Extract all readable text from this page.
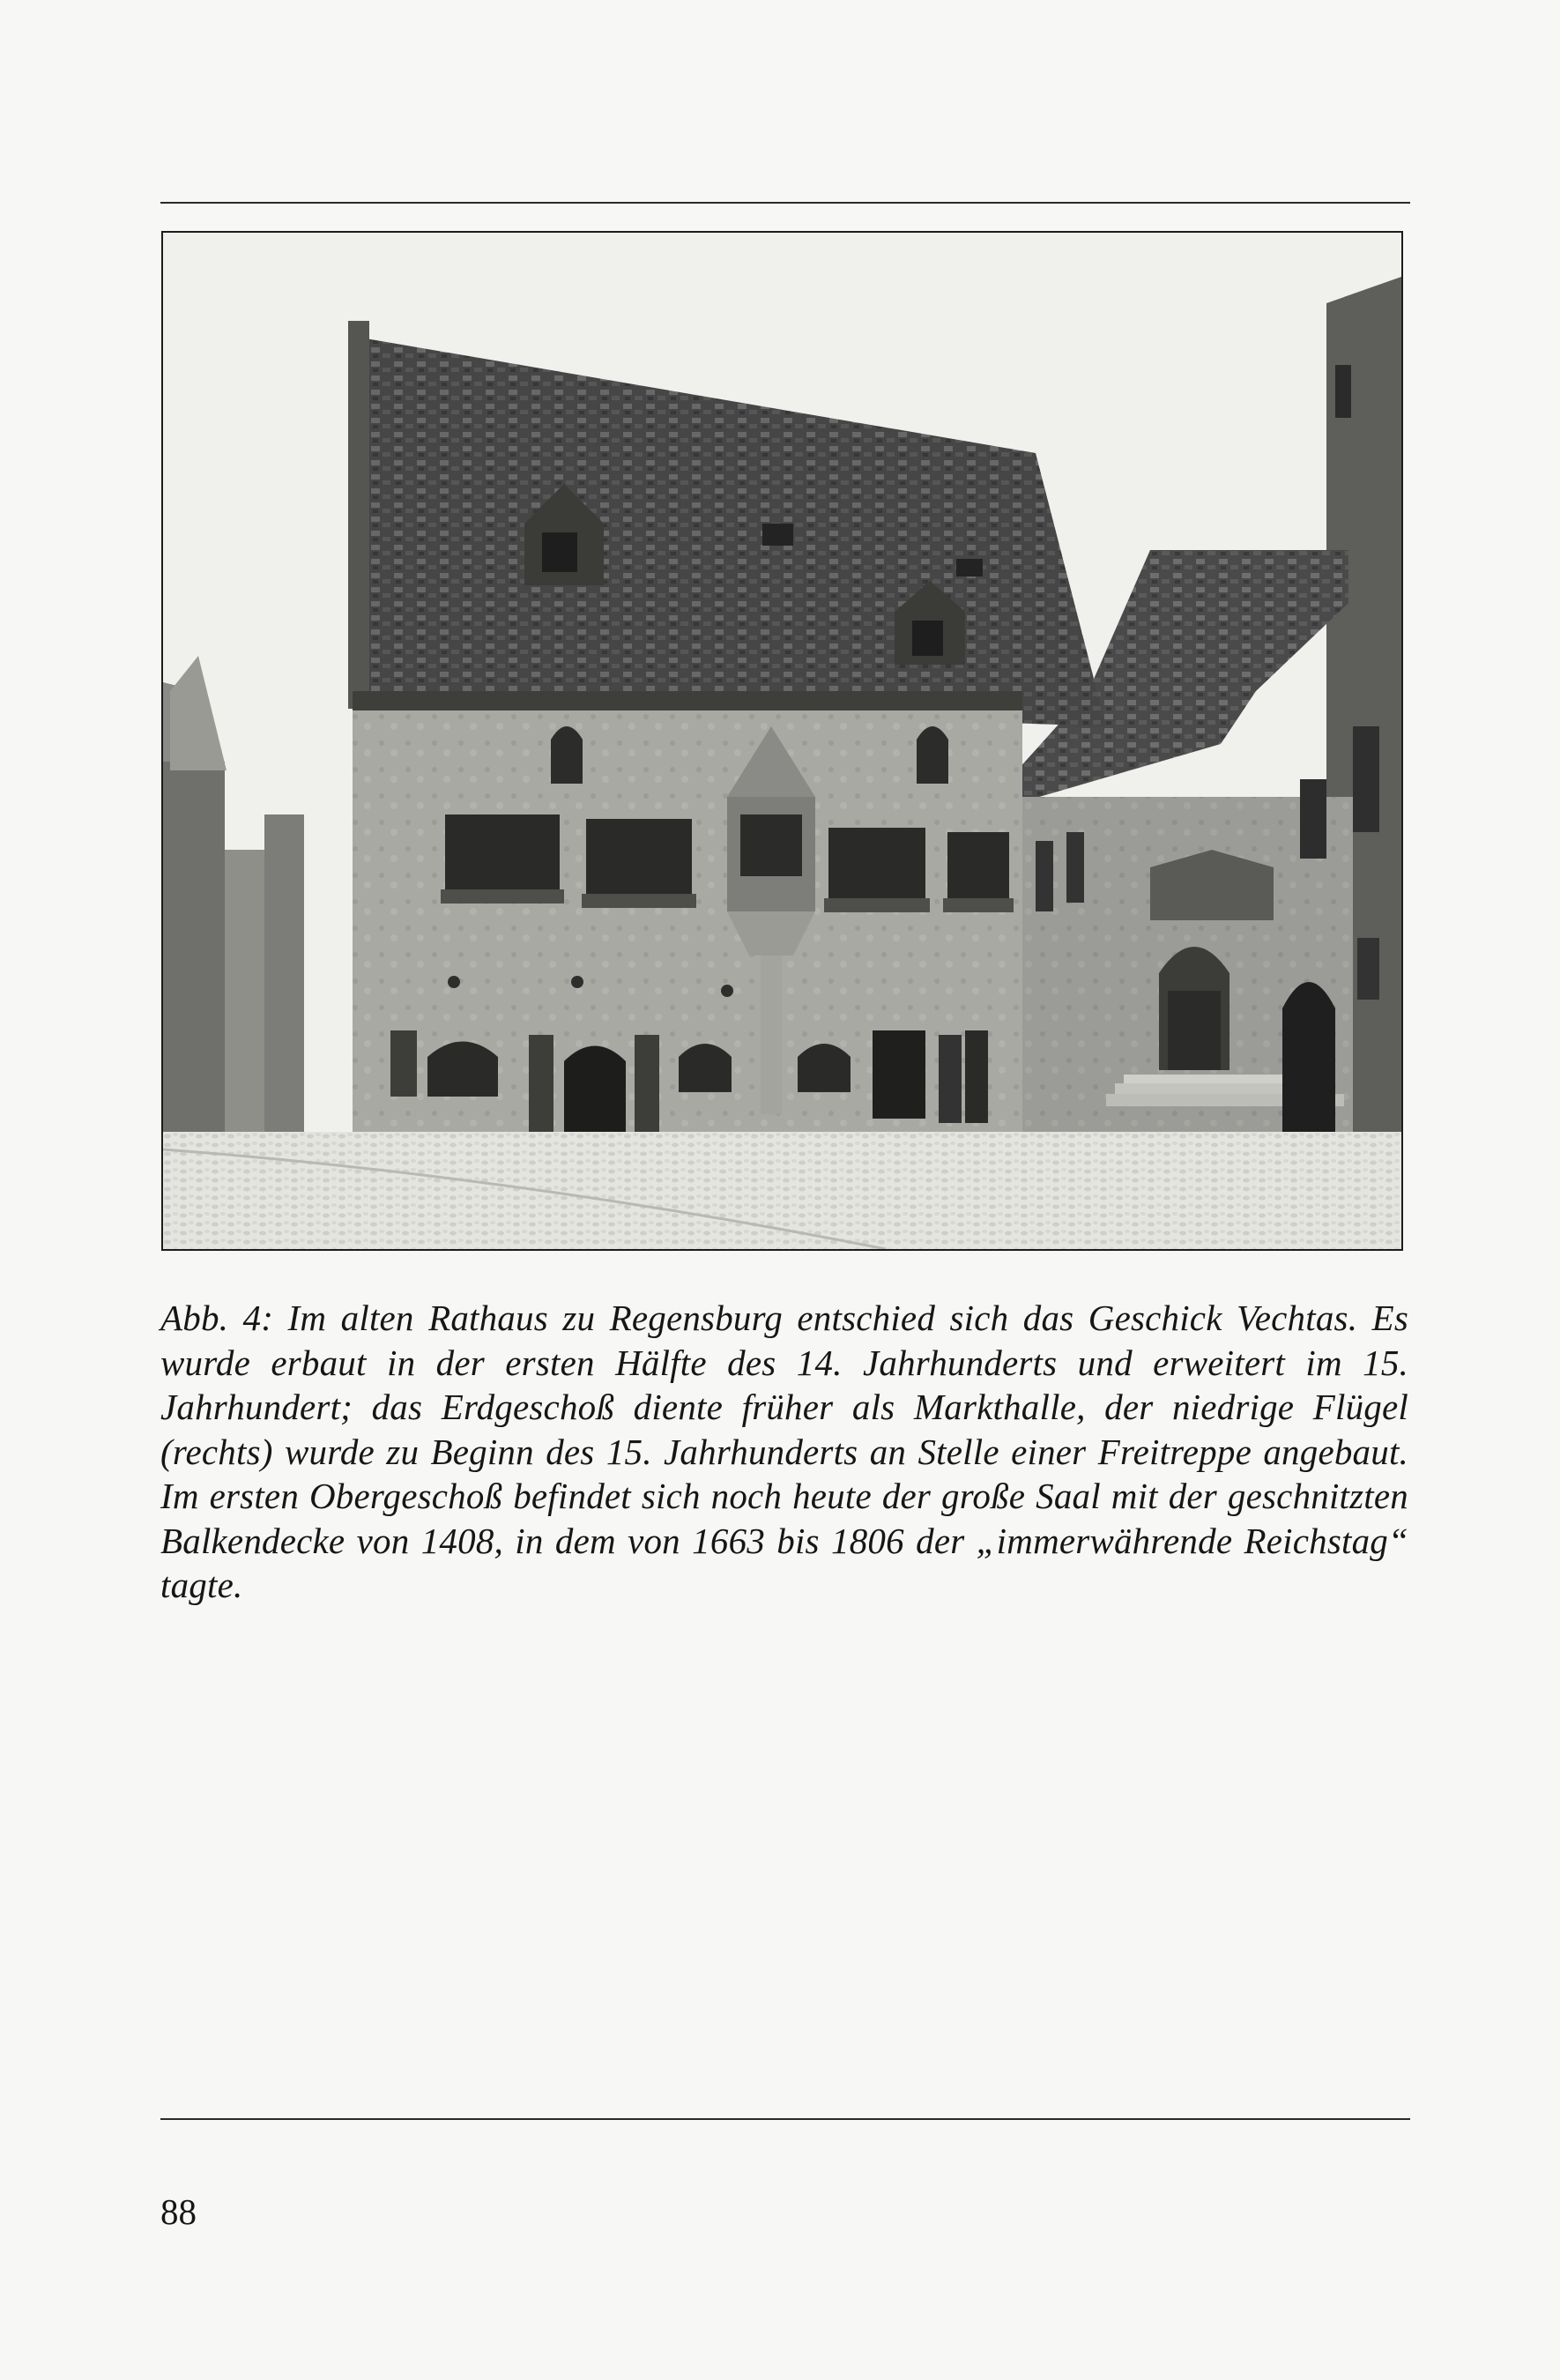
Abb. 4: Im alten Rathaus zu Regensburg entschied sich das Geschick Vechtas. Es wurde erbaut in der ersten Hälfte des 14. Jahrhunderts und erweitert im 15. Jahrhundert; das Erdgeschoß diente früher als Markthalle, der niedrige Flügel (rechts) wurde zu Beginn des 15. Jahrhunderts an Stelle einer Freitreppe angebaut. Im ersten Obergeschoß befindet sich noch heute der große Saal mit der geschnitzten Balkendecke von 1408, in dem von 1663 bis 1806 der „immerwährende Reichstag“ tagte.
88
